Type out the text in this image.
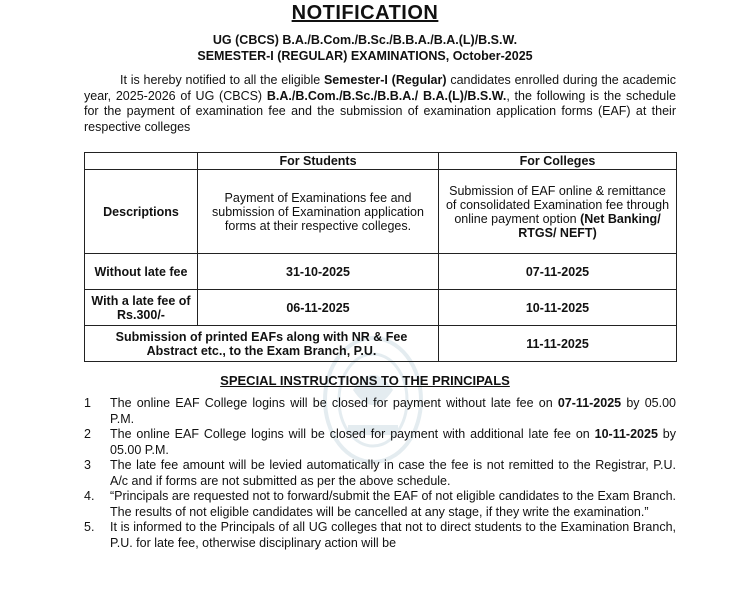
NOTIFICATION
UG (CBCS) B.A./B.Com./B.Sc./B.B.A./B.A.(L)/B.S.W.
SEMESTER-I (REGULAR) EXAMINATIONS, October-2025
It is hereby notified to all the eligible Semester-I (Regular) candidates enrolled during the academic year, 2025-2026 of UG (CBCS) B.A./B.Com./B.Sc./B.B.A./ B.A.(L)/B.S.W., the following is the schedule for the payment of examination fee and the submission of examination application forms (EAF) at their respective colleges
	For Students	For Colleges
Descriptions	Payment of Examinations fee and submission of Examination application forms at their respective colleges.	Submission of EAF online & remittance of consolidated Examination fee through online payment option (Net Banking/ RTGS/ NEFT)
Without late fee	31-10-2025	07-11-2025
With a late fee of Rs.300/-	06-11-2025	10-11-2025
Submission of printed EAFs along with NR & Fee Abstract etc., to the Exam Branch, P.U.		11-11-2025
SPECIAL INSTRUCTIONS TO THE PRINCIPALS
1 The online EAF College logins will be closed for payment without late fee on 07-11-2025 by 05.00 P.M.
2 The online EAF College logins will be closed for payment with additional late fee on 10-11-2025 by 05.00 P.M.
3 The late fee amount will be levied automatically in case the fee is not remitted to the Registrar, P.U. A/c and if forms are not submitted as per the above schedule.
4. “Principals are requested not to forward/submit the EAF of not eligible candidates to the Exam Branch. The results of not eligible candidates will be cancelled at any stage, if they write the examination.”
5. It is informed to the Principals of all UG colleges that not to direct students to the Examination Branch, P.U. for late fee, otherwise disciplinary action will be
